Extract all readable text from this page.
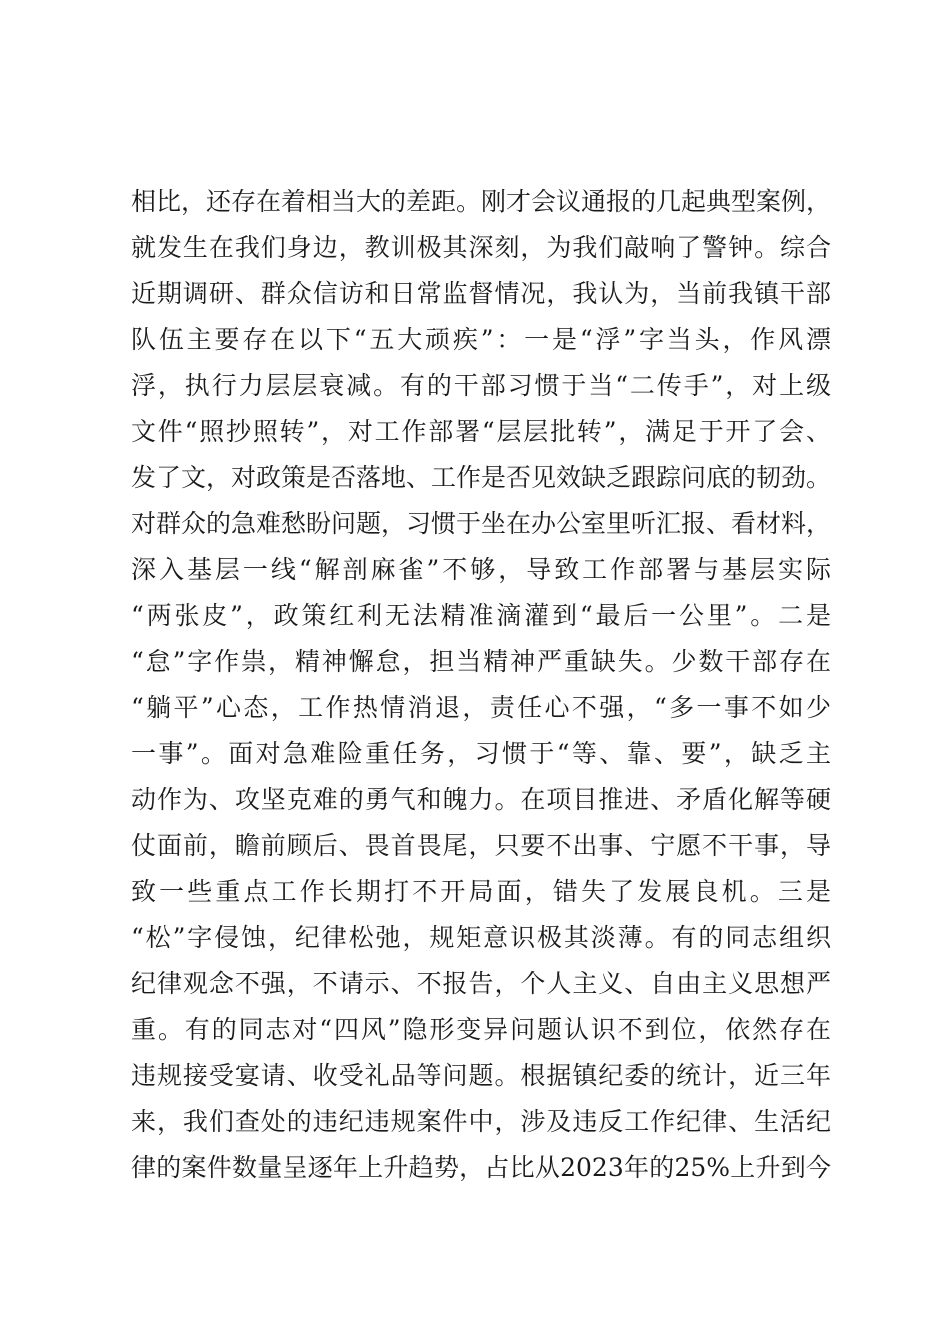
相比，还存在着相当大的差距。刚才会议通报的几起典型案例，
就发生在我们身边，教训极其深刻，为我们敲响了警钟。综合
近期调研、群众信访和日常监督情况，我认为，当前我镇干部
队伍主要存在以下“五大顽疾”：一是“浮”字当头，作风漂
浮，执行力层层衰减。有的干部习惯于当“二传手”，对上级
文件“照抄照转”，对工作部署“层层批转”，满足于开了会、
发了文，对政策是否落地、工作是否见效缺乏跟踪问底的韧劲。
对群众的急难愁盼问题，习惯于坐在办公室里听汇报、看材料，
深入基层一线“解剖麻雀”不够，导致工作部署与基层实际
“两张皮”，政策红利无法精准滴灌到“最后一公里”。二是
“怠”字作祟，精神懈怠，担当精神严重缺失。少数干部存在
“躺平”心态，工作热情消退，责任心不强，“多一事不如少
一事”。面对急难险重任务，习惯于“等、靠、要”，缺乏主
动作为、攻坚克难的勇气和魄力。在项目推进、矛盾化解等硬
仗面前，瞻前顾后、畏首畏尾，只要不出事、宁愿不干事，导
致一些重点工作长期打不开局面，错失了发展良机。三是
“松”字侵蚀，纪律松弛，规矩意识极其淡薄。有的同志组织
纪律观念不强，不请示、不报告，个人主义、自由主义思想严
重。有的同志对“四风”隐形变异问题认识不到位，依然存在
违规接受宴请、收受礼品等问题。根据镇纪委的统计，近三年
来，我们查处的违纪违规案件中，涉及违反工作纪律、生活纪
律的案件数量呈逐年上升趋势，占比从2023年的25%上升到今
